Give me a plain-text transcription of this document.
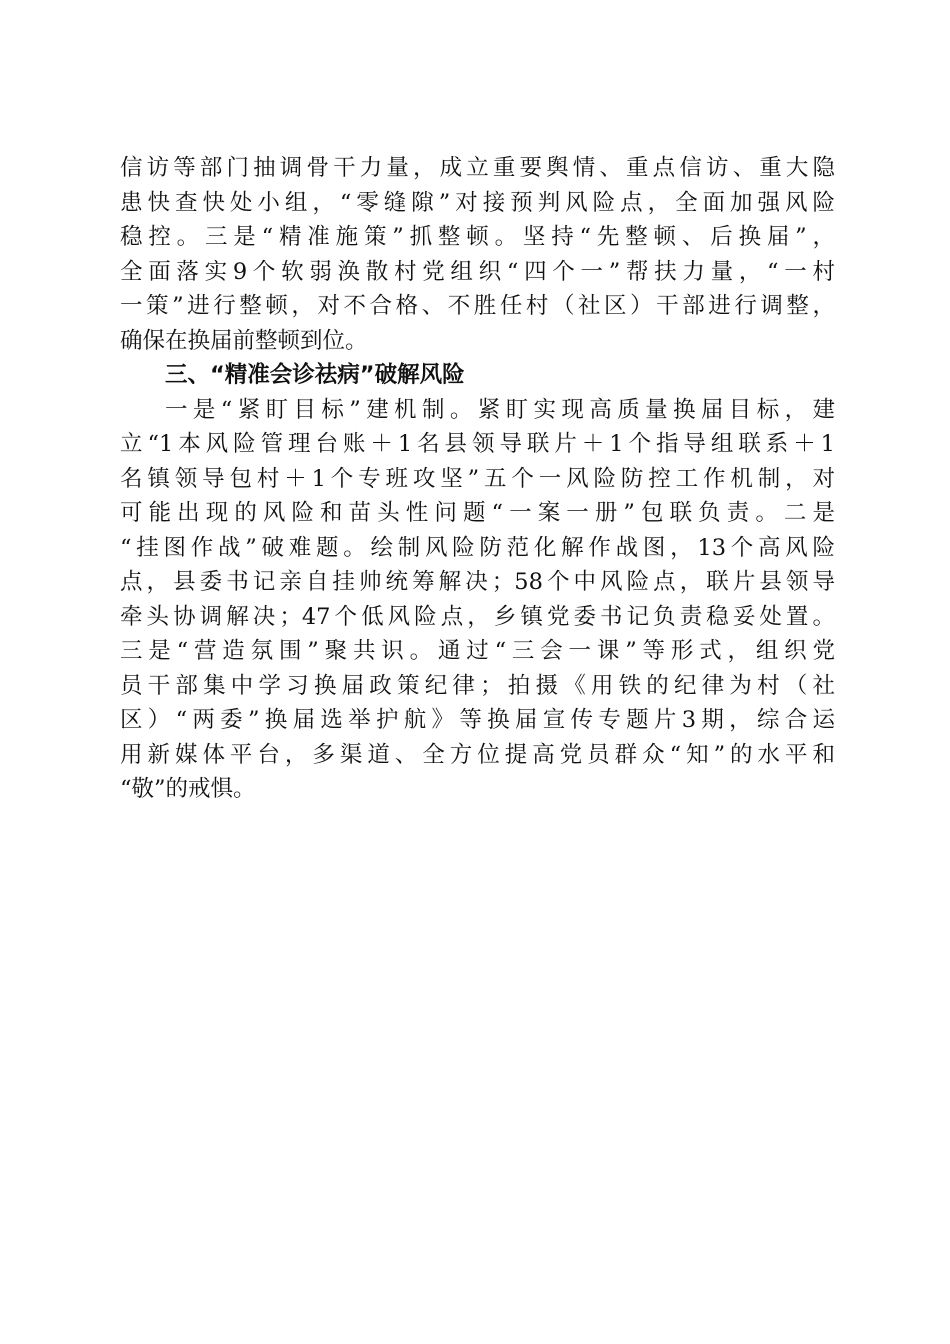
信访等部门抽调骨干力量，成立重要舆情、重点信访、重大隐
患快查快处小组，“零缝隙”对接预判风险点，全面加强风险
稳控。三是“精准施策”抓整顿。坚持“先整顿、后换届”，
全面落实9个软弱涣散村党组织“四个一”帮扶力量，“一村
一策”进行整顿，对不合格、不胜任村（社区）干部进行调整，
确保在换届前整顿到位。
三、“精准会诊祛病”破解风险
一是“紧盯目标”建机制。紧盯实现高质量换届目标，建
立“1本风险管理台账＋1名县领导联片＋1个指导组联系＋1
名镇领导包村＋1个专班攻坚”五个一风险防控工作机制，对
可能出现的风险和苗头性问题“一案一册”包联负责。二是
“挂图作战”破难题。绘制风险防范化解作战图，13个高风险
点，县委书记亲自挂帅统筹解决；58个中风险点，联片县领导
牵头协调解决；47个低风险点，乡镇党委书记负责稳妥处置。
三是“营造氛围”聚共识。通过“三会一课”等形式，组织党
员干部集中学习换届政策纪律；拍摄《用铁的纪律为村（社
区）“两委”换届选举护航》等换届宣传专题片3期，综合运
用新媒体平台，多渠道、全方位提高党员群众“知”的水平和
“敬”的戒惧。
